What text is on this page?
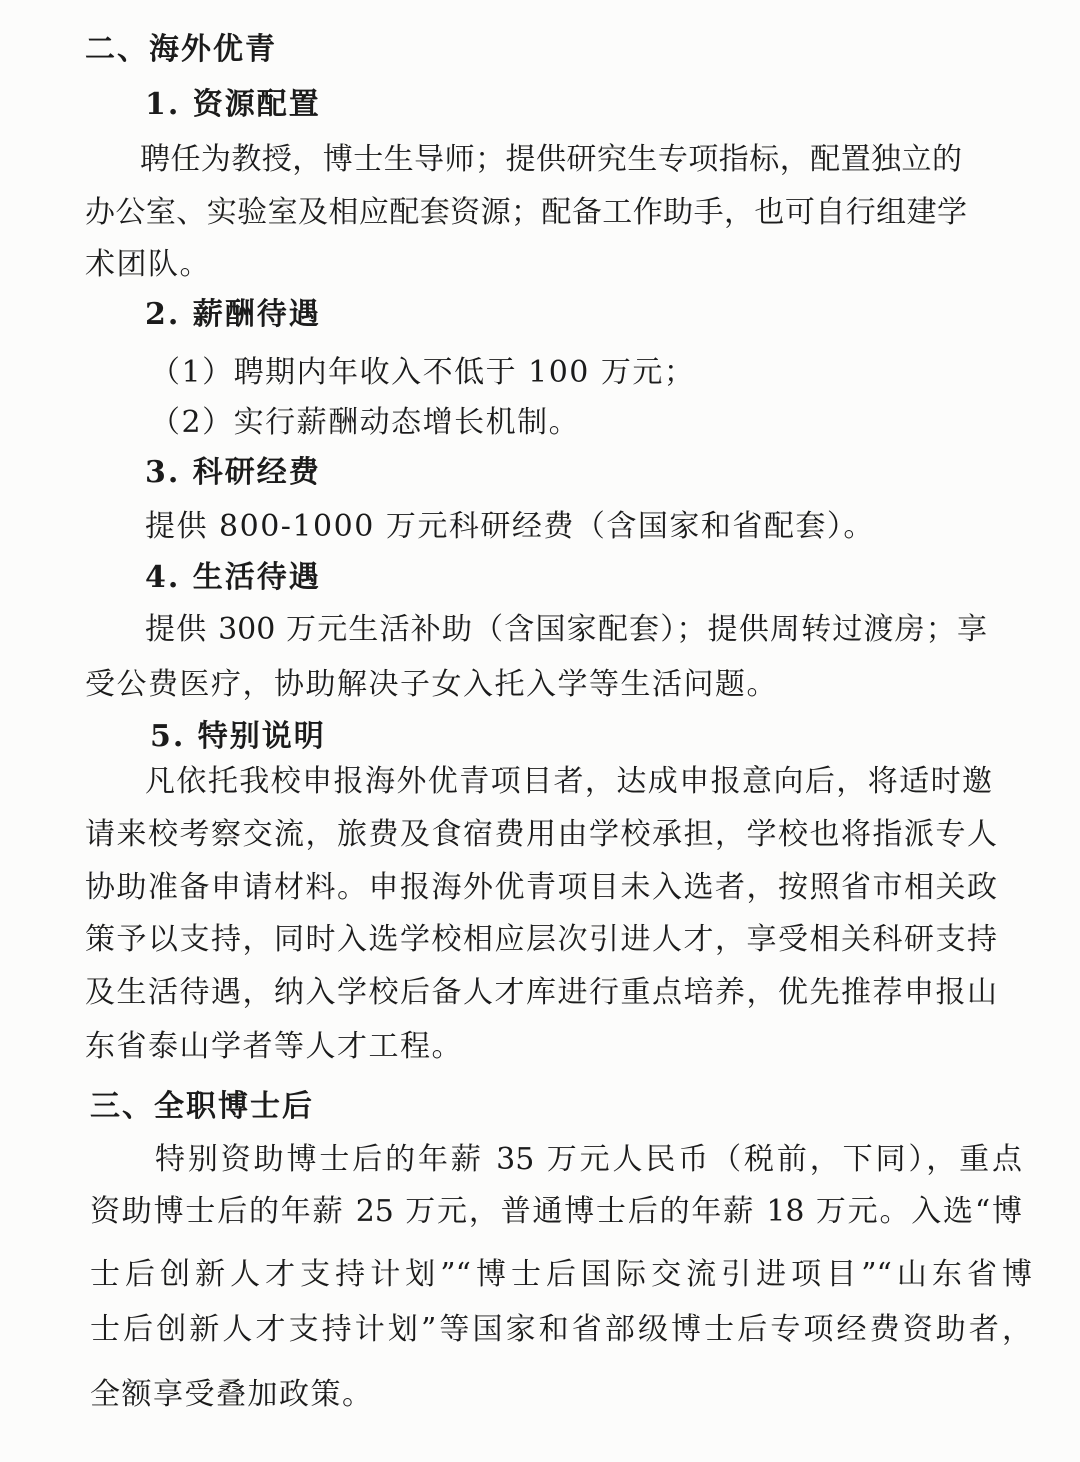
二、海外优青
1. 资源配置
聘任为教授，博士生导师；提供研究生专项指标，配置独立的
办公室、实验室及相应配套资源；配备工作助手，也可自行组建学
术团队。
2. 薪酬待遇
（1）聘期内年收入不低于 100 万元；
（2）实行薪酬动态增长机制。
3. 科研经费
提供 800-1000 万元科研经费（含国家和省配套）。
4. 生活待遇
提供 300 万元生活补助（含国家配套）；提供周转过渡房；享
受公费医疗，协助解决子女入托入学等生活问题。
5. 特别说明
凡依托我校申报海外优青项目者，达成申报意向后，将适时邀
请来校考察交流，旅费及食宿费用由学校承担，学校也将指派专人
协助准备申请材料。申报海外优青项目未入选者，按照省市相关政
策予以支持，同时入选学校相应层次引进人才，享受相关科研支持
及生活待遇，纳入学校后备人才库进行重点培养，优先推荐申报山
东省泰山学者等人才工程。
三、全职博士后
特别资助博士后的年薪 35 万元人民币（税前，下同），重点
资助博士后的年薪 25 万元，普通博士后的年薪 18 万元。入选“博
士后创新人才支持计划”“博士后国际交流引进项目”“山东省博
士后创新人才支持计划”等国家和省部级博士后专项经费资助者，
全额享受叠加政策。
